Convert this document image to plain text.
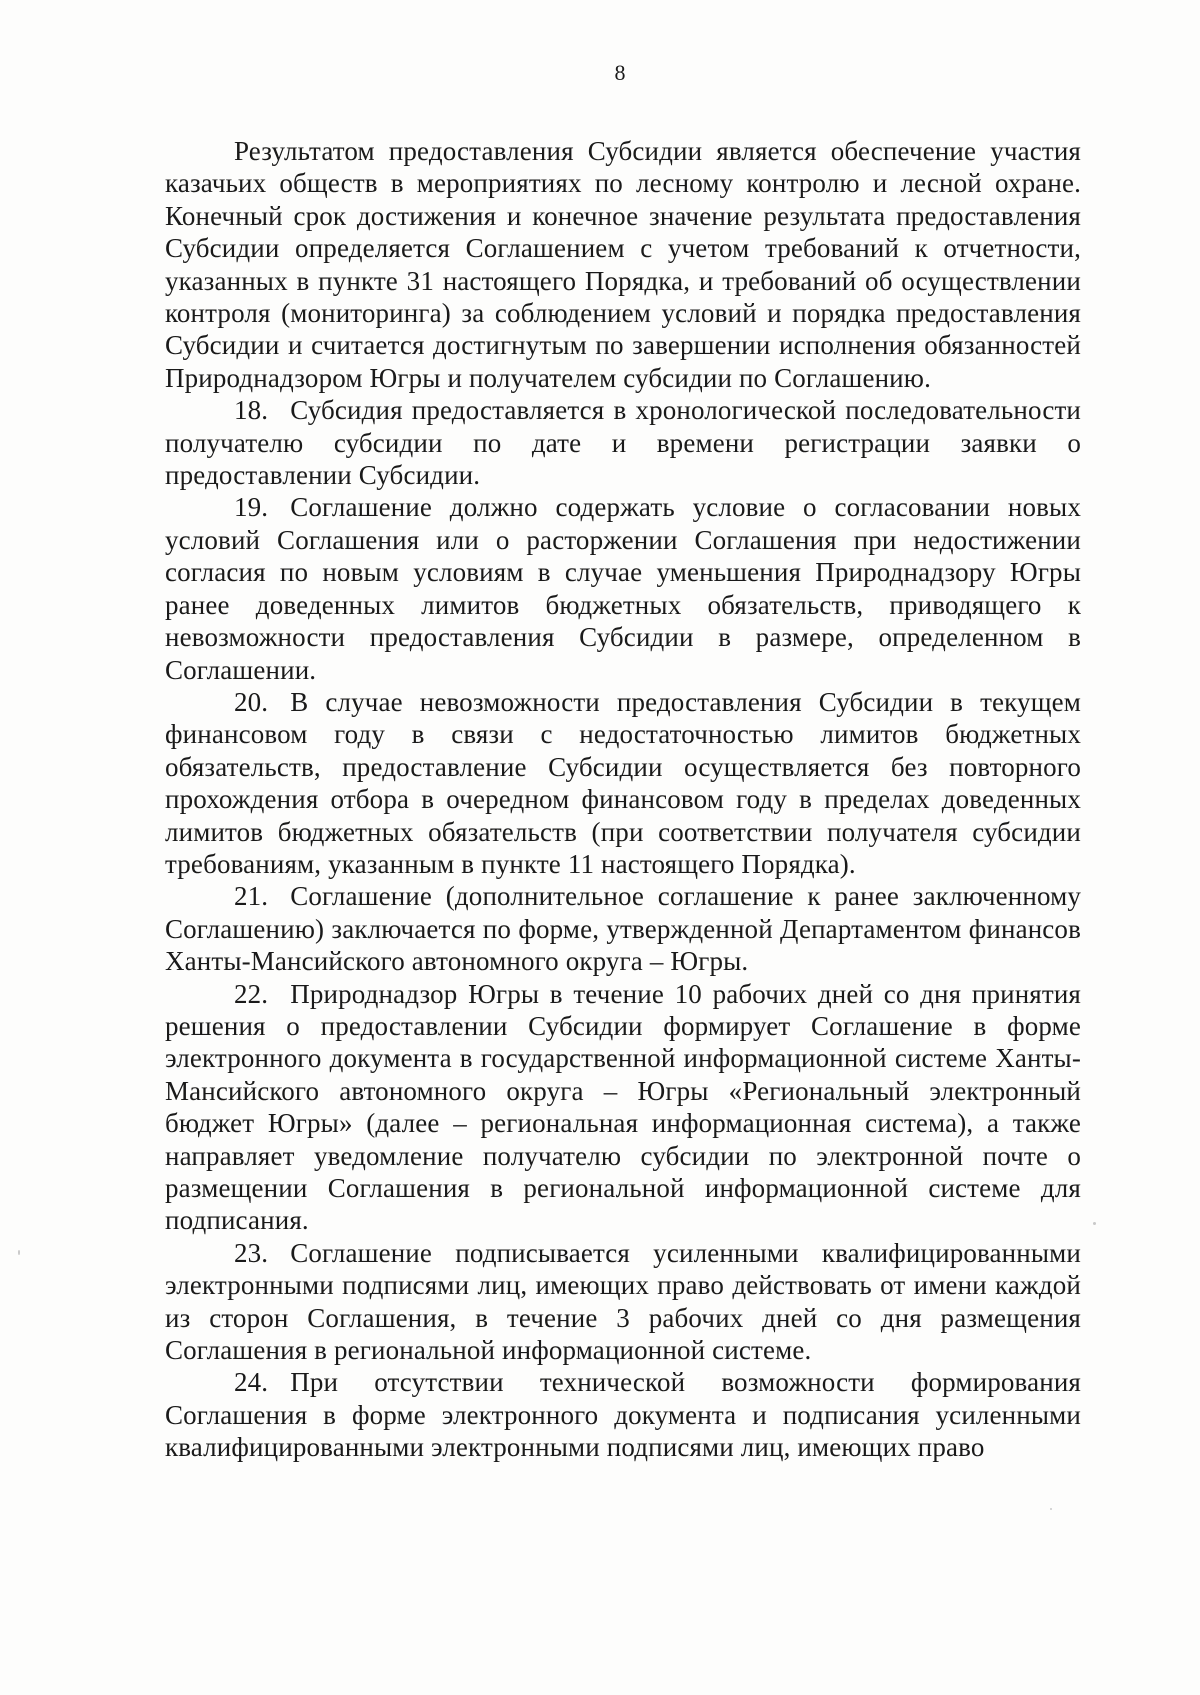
8

Результатом предоставления Субсидии является обеспечение участия казачьих обществ в мероприятиях по лесному контролю и лесной охране. Конечный срок достижения и конечное значение результата предоставления Субсидии определяется Соглашением с учетом требований к отчетности, указанных в пункте 31 настоящего Порядка, и требований об осуществлении контроля (мониторинга) за соблюдением условий и порядка предоставления Субсидии и считается достигнутым по завершении исполнения обязанностей Природнадзором Югры и получателем субсидии по Соглашению.

18. Субсидия предоставляется в хронологической последовательности получателю субсидии по дате и времени регистрации заявки о предоставлении Субсидии.

19. Соглашение должно содержать условие о согласовании новых условий Соглашения или о расторжении Соглашения при недостижении согласия по новым условиям в случае уменьшения Природнадзору Югры ранее доведенных лимитов бюджетных обязательств, приводящего к невозможности предоставления Субсидии в размере, определенном в Соглашении.

20. В случае невозможности предоставления Субсидии в текущем финансовом году в связи с недостаточностью лимитов бюджетных обязательств, предоставление Субсидии осуществляется без повторного прохождения отбора в очередном финансовом году в пределах доведенных лимитов бюджетных обязательств (при соответствии получателя субсидии требованиям, указанным в пункте 11 настоящего Порядка).

21. Соглашение (дополнительное соглашение к ранее заключенному Соглашению) заключается по форме, утвержденной Департаментом финансов Ханты-Мансийского автономного округа – Югры.

22. Природнадзор Югры в течение 10 рабочих дней со дня принятия решения о предоставлении Субсидии формирует Соглашение в форме электронного документа в государственной информационной системе Ханты-Мансийского автономного округа – Югры «Региональный электронный бюджет Югры» (далее – региональная информационная система), а также направляет уведомление получателю субсидии по электронной почте о размещении Соглашения в региональной информационной системе для подписания.

23. Соглашение подписывается усиленными квалифицированными электронными подписями лиц, имеющих право действовать от имени каждой из сторон Соглашения, в течение 3 рабочих дней со дня размещения Соглашения в региональной информационной системе.

24. При отсутствии технической возможности формирования Соглашения в форме электронного документа и подписания усиленными квалифицированными электронными подписями лиц, имеющих право
